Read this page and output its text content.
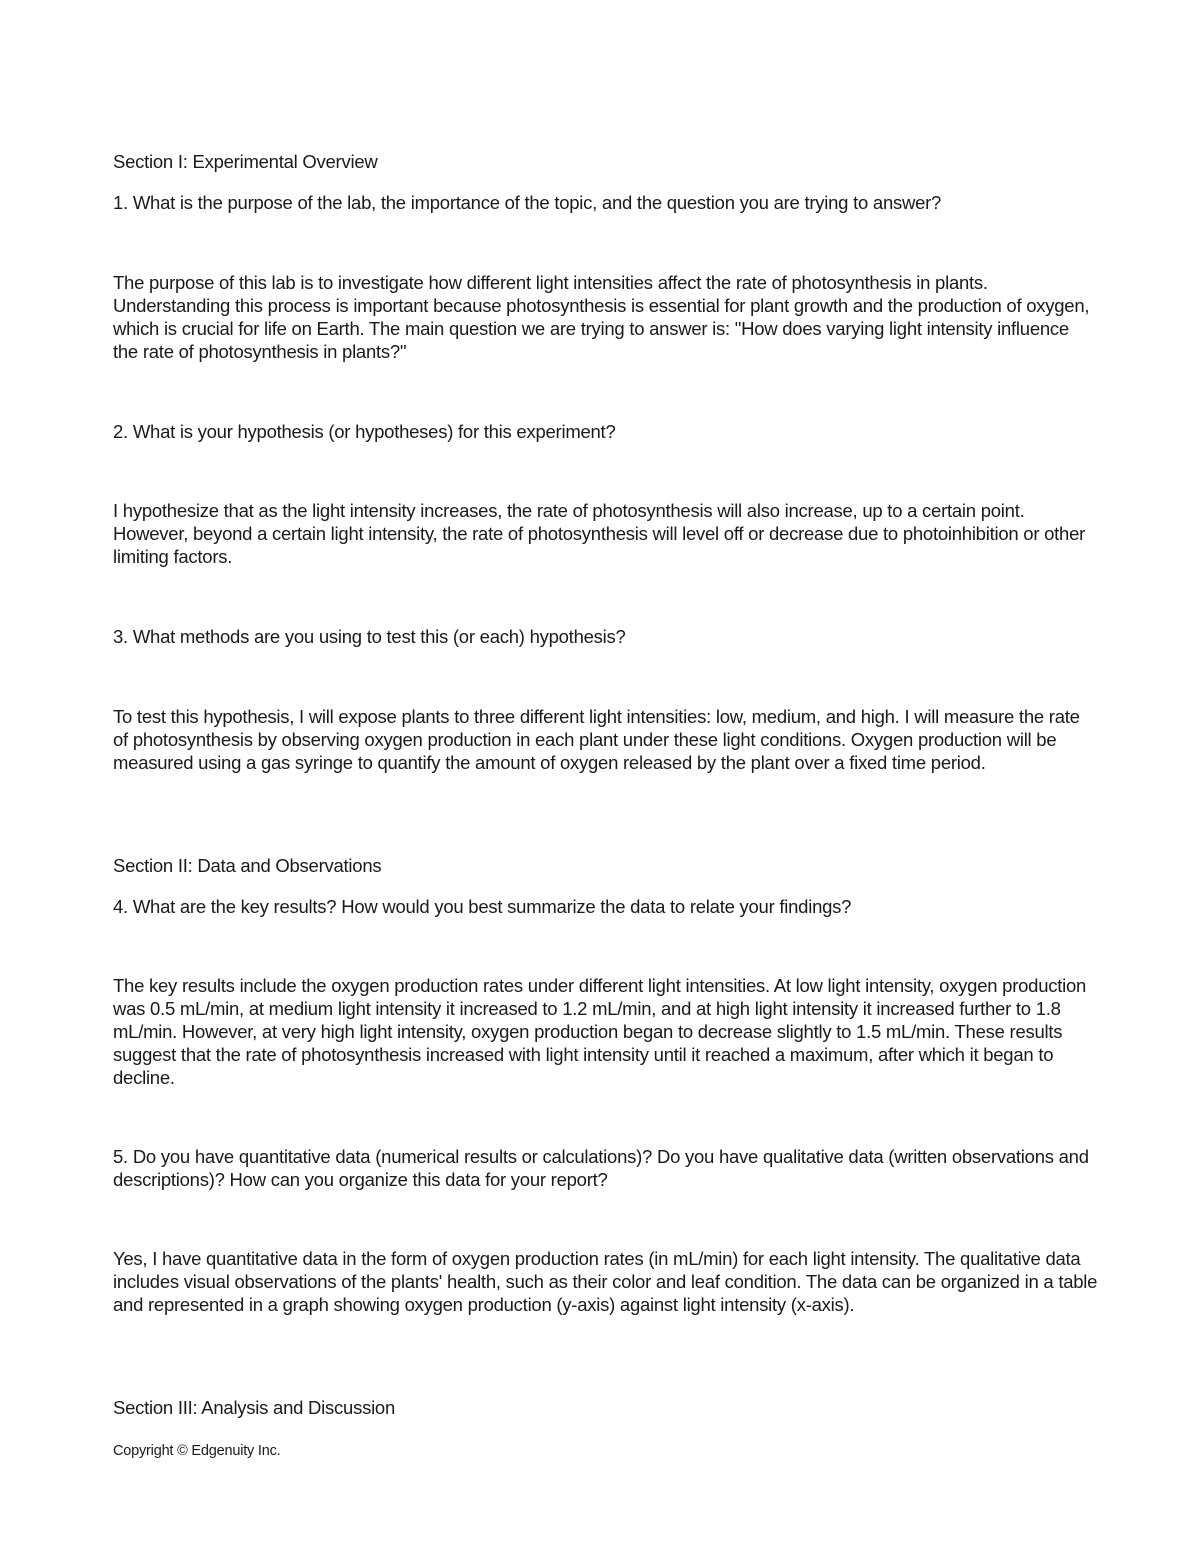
Section I: Experimental Overview

1. What is the purpose of the lab, the importance of the topic, and the question you are trying to answer?

The purpose of this lab is to investigate how different light intensities affect the rate of photosynthesis in plants. Understanding this process is important because photosynthesis is essential for plant growth and the production of oxygen, which is crucial for life on Earth. The main question we are trying to answer is: "How does varying light intensity influence the rate of photosynthesis in plants?"

2. What is your hypothesis (or hypotheses) for this experiment?

I hypothesize that as the light intensity increases, the rate of photosynthesis will also increase, up to a certain point. However, beyond a certain light intensity, the rate of photosynthesis will level off or decrease due to photoinhibition or other limiting factors.

3. What methods are you using to test this (or each) hypothesis?

To test this hypothesis, I will expose plants to three different light intensities: low, medium, and high. I will measure the rate of photosynthesis by observing oxygen production in each plant under these light conditions. Oxygen production will be measured using a gas syringe to quantify the amount of oxygen released by the plant over a fixed time period.

Section II: Data and Observations

4. What are the key results? How would you best summarize the data to relate your findings?

The key results include the oxygen production rates under different light intensities. At low light intensity, oxygen production was 0.5 mL/min, at medium light intensity it increased to 1.2 mL/min, and at high light intensity it increased further to 1.8 mL/min. However, at very high light intensity, oxygen production began to decrease slightly to 1.5 mL/min. These results suggest that the rate of photosynthesis increased with light intensity until it reached a maximum, after which it began to decline.

5. Do you have quantitative data (numerical results or calculations)? Do you have qualitative data (written observations and descriptions)? How can you organize this data for your report?

Yes, I have quantitative data in the form of oxygen production rates (in mL/min) for each light intensity. The qualitative data includes visual observations of the plants' health, such as their color and leaf condition. The data can be organized in a table and represented in a graph showing oxygen production (y-axis) against light intensity (x-axis).

Section III: Analysis and Discussion

Copyright © Edgenuity Inc.
